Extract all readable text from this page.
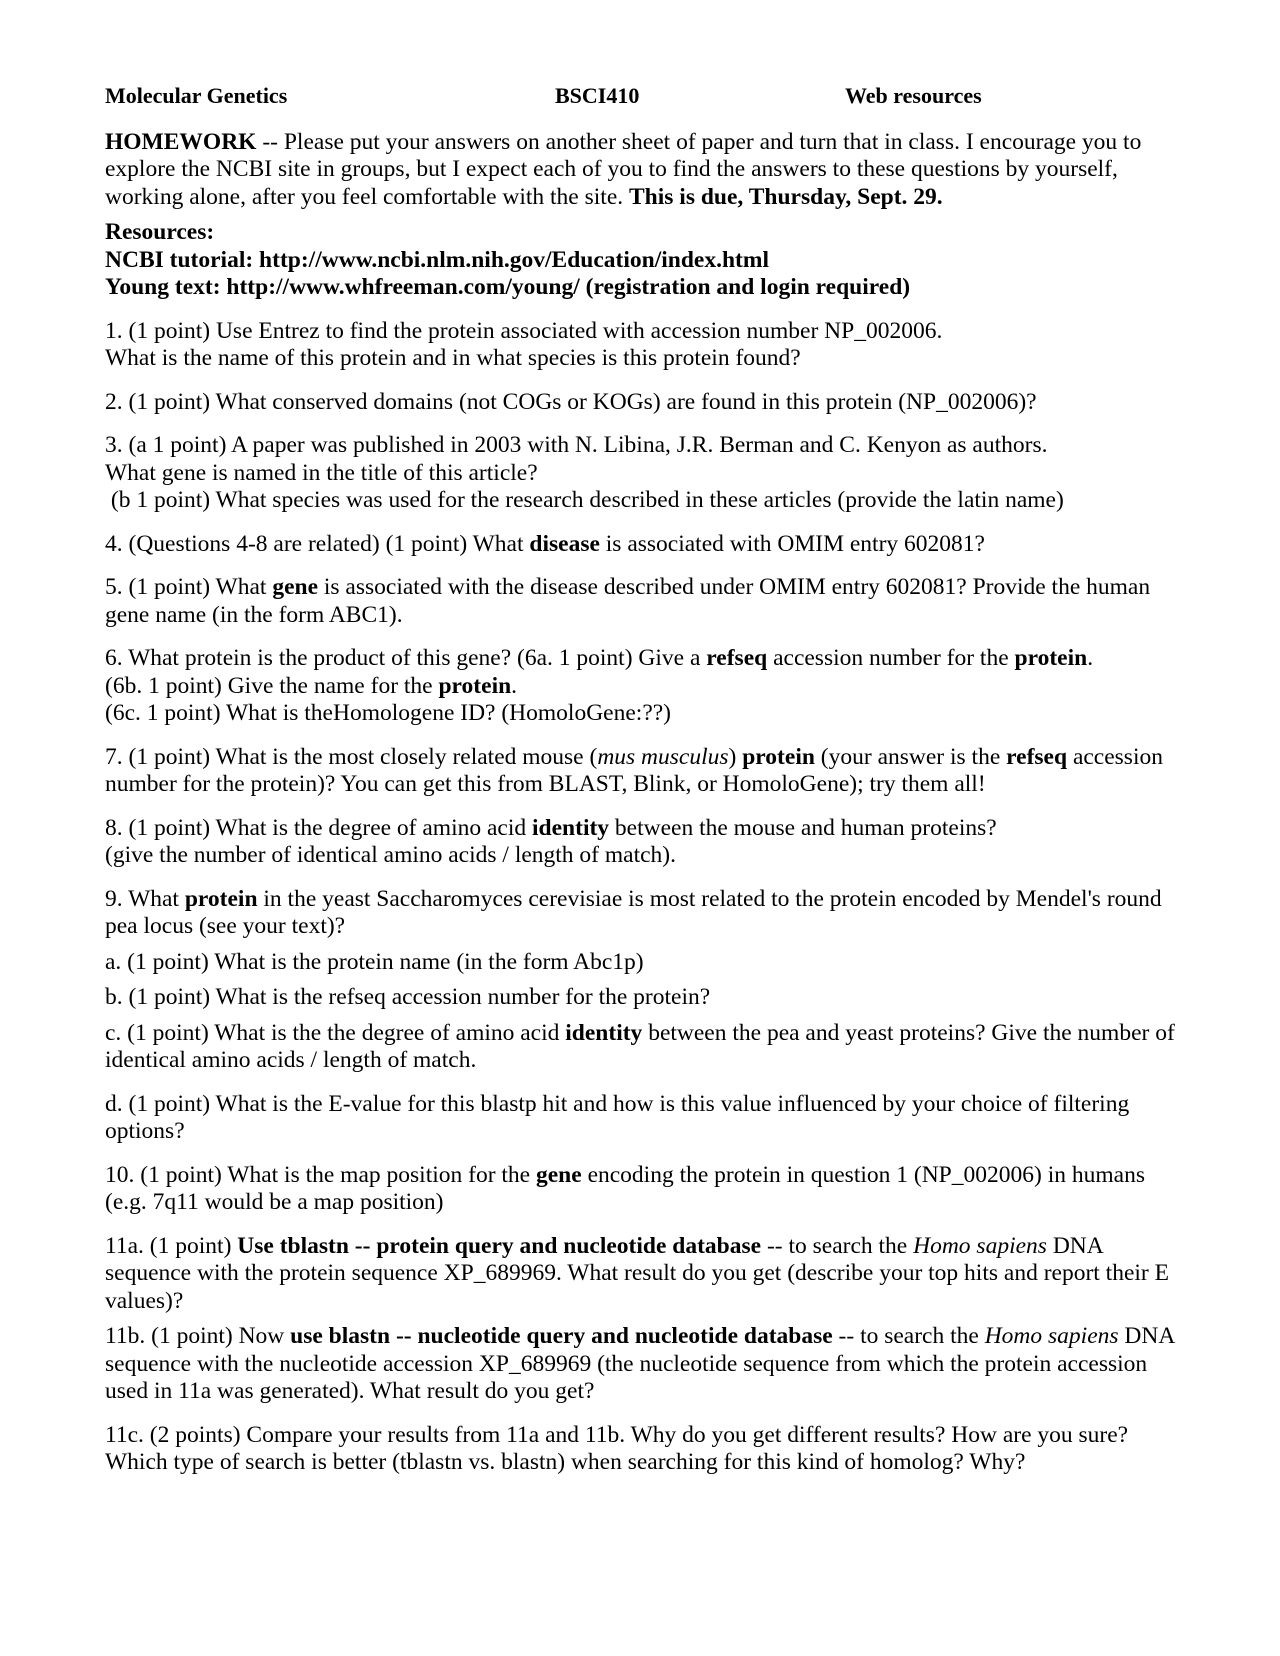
Molecular Genetics	BSCI410	Web resources

HOMEWORK -- Please put your answers on another sheet of paper and turn that in class. I encourage you to explore the NCBI site in groups, but I expect each of you to find the answers to these questions by yourself, working alone, after you feel comfortable with the site. This is due, Thursday, Sept. 29.

Resources:
NCBI tutorial: http://www.ncbi.nlm.nih.gov/Education/index.html
Young text: http://www.whfreeman.com/young/ (registration and login required)

1. (1 point) Use Entrez to find the protein associated with accession number NP_002006.
What is the name of this protein and in what species is this protein found?

2. (1 point) What conserved domains (not COGs or KOGs) are found in this protein (NP_002006)?

3. (a 1 point) A paper was published in 2003 with N. Libina, J.R. Berman and C. Kenyon as authors.
What gene is named in the title of this article?
(b 1 point) What species was used for the research described in these articles (provide the latin name)

4. (Questions 4-8 are related) (1 point) What disease is associated with OMIM entry 602081?

5. (1 point) What gene is associated with the disease described under OMIM entry 602081? Provide the human gene name (in the form ABC1).

6. What protein is the product of this gene? (6a. 1 point) Give a refseq accession number for the protein.
(6b. 1 point) Give the name for the protein.
(6c. 1 point) What is theHomologene ID? (HomoloGene:??)

7. (1 point) What is the most closely related mouse (mus musculus) protein (your answer is the refseq accession number for the protein)? You can get this from BLAST, Blink, or HomoloGene); try them all!

8. (1 point) What is the degree of amino acid identity between the mouse and human proteins?
(give the number of identical amino acids / length of match).

9. What protein in the yeast Saccharomyces cerevisiae is most related to the protein encoded by Mendel's round pea locus (see your text)?

a. (1 point) What is the protein name (in the form Abc1p)

b. (1 point) What is the refseq accession number for the protein?

c. (1 point) What is the the degree of amino acid identity between the pea and yeast proteins? Give the number of identical amino acids / length of match.

d. (1 point) What is the E-value for this blastp hit and how is this value influenced by your choice of filtering options?

10. (1 point) What is the map position for the gene encoding the protein in question 1 (NP_002006) in humans (e.g. 7q11 would be a map position)

11a. (1 point) Use tblastn -- protein query and nucleotide database -- to search the Homo sapiens DNA sequence with the protein sequence XP_689969. What result do you get (describe your top hits and report their E values)?

11b. (1 point) Now use blastn -- nucleotide query and nucleotide database -- to search the Homo sapiens DNA sequence with the nucleotide accession XP_689969 (the nucleotide sequence from which the protein accession used in 11a was generated). What result do you get?

11c. (2 points) Compare your results from 11a and 11b. Why do you get different results? How are you sure? Which type of search is better (tblastn vs. blastn) when searching for this kind of homolog? Why?
